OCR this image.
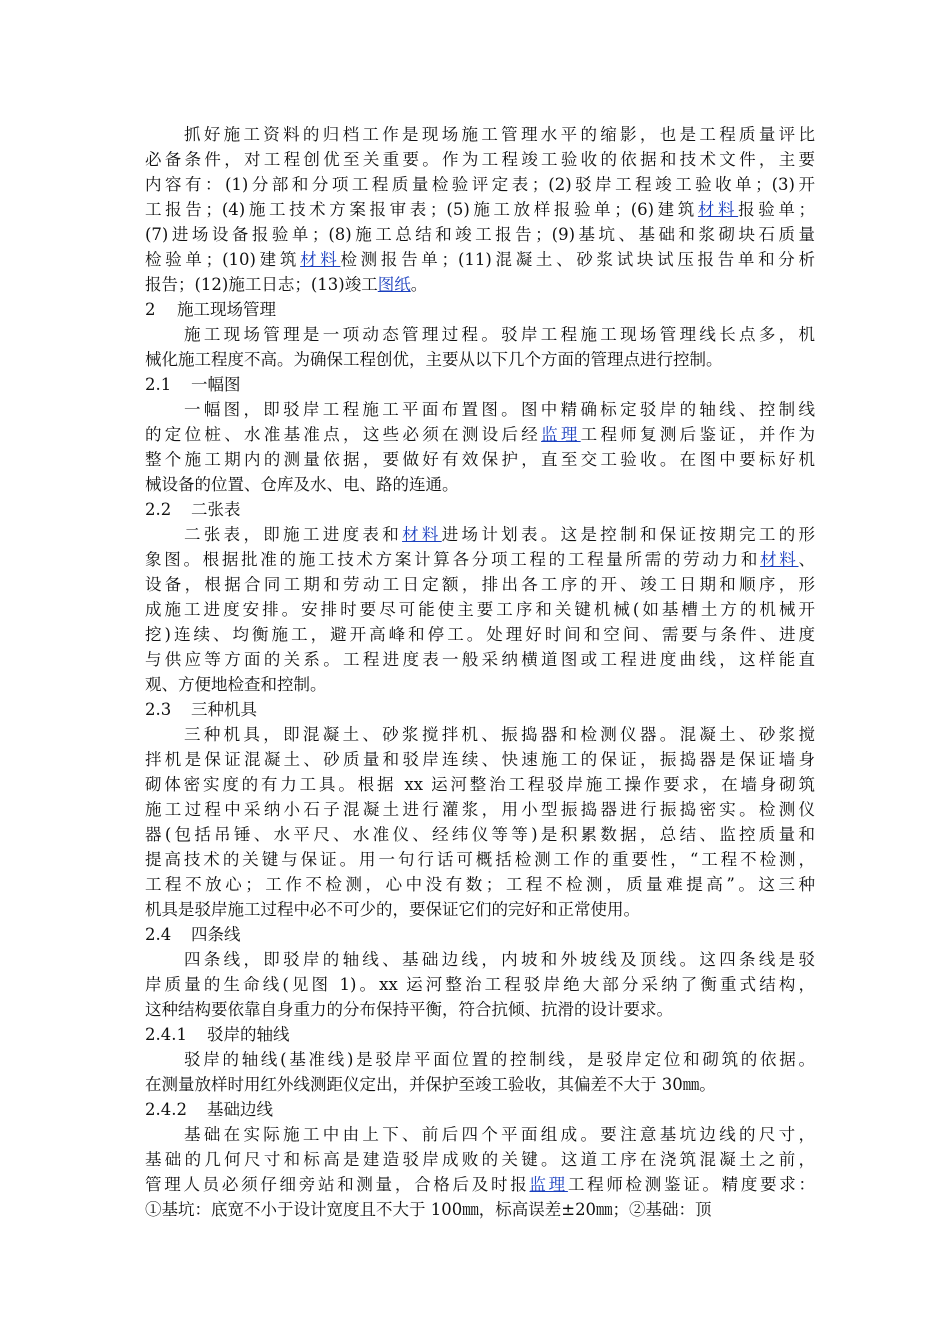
抓好施工资料的归档工作是现场施工管理水平的缩影，也是工程质量评比 必备条件，对工程创优至关重要。作为工程竣工验收的依据和技术文件，主要 内容有：(1)分部和分项工程质量检验评定表；(2)驳岸工程竣工验收单；(3)开 工报告；(4)施工技术方案报审表；(5)施工放样报验单；(6)建筑材料报验单； (7)进场设备报验单；(8)施工总结和竣工报告；(9)基坑、基础和浆砌块石质量 检验单；(10)建筑材料检测报告单；(11)混凝土、砂浆试块试压报告单和分析 报告；(12)施工日志；(13)竣工图纸。
2 施工现场管理
施工现场管理是一项动态管理过程。驳岸工程施工现场管理线长点多，机 械化施工程度不高。为确保工程创优，主要从以下几个方面的管理点进行控制。
2.1 一幅图
一幅图，即驳岸工程施工平面布置图。图中精确标定驳岸的轴线、控制线 的定位桩、水准基准点，这些必须在测设后经监理工程师复测后鉴证，并作为 整个施工期内的测量依据，要做好有效保护，直至交工验收。在图中要标好机 械设备的位置、仓库及水、电、路的连通。
2.2 二张表
二张表，即施工进度表和材料进场计划表。这是控制和保证按期完工的形 象图。根据批准的施工技术方案计算各分项工程的工程量所需的劳动力和材料、 设备，根据合同工期和劳动工日定额，排出各工序的开、竣工日期和顺序，形 成施工进度安排。安排时要尽可能使主要工序和关键机械(如基槽土方的机械开 挖)连续、均衡施工，避开高峰和停工。处理好时间和空间、需要与条件、进度 与供应等方面的关系。工程进度表一般采纳横道图或工程进度曲线，这样能直 观、方便地检查和控制。
2.3 三种机具
三种机具，即混凝土、砂浆搅拌机、振捣器和检测仪器。混凝土、砂浆搅 拌机是保证混凝土、砂质量和驳岸连续、快速施工的保证，振捣器是保证墙身 砌体密实度的有力工具。根据 xx 运河整治工程驳岸施工操作要求，在墙身砌筑 施工过程中采纳小石子混凝土进行灌浆，用小型振捣器进行振捣密实。检测仪 器(包括吊锤、水平尺、水准仪、经纬仪等等)是积累数据，总结、监控质量和 提高技术的关键与保证。用一句行话可概括检测工作的重要性，“工程不检测， 工程不放心；工作不检测，心中没有数；工程不检测，质量难提高”。这三种 机具是驳岸施工过程中必不可少的，要保证它们的完好和正常使用。
2.4 四条线
四条线，即驳岸的轴线、基础边线，内坡和外坡线及顶线。这四条线是驳 岸质量的生命线(见图 1)。xx 运河整治工程驳岸绝大部分采纳了衡重式结构， 这种结构要依靠自身重力的分布保持平衡，符合抗倾、抗滑的设计要求。
2.4.1 驳岸的轴线
驳岸的轴线(基准线)是驳岸平面位置的控制线，是驳岸定位和砌筑的依据。 在测量放样时用红外线测距仪定出，并保护至竣工验收，其偏差不大于 30㎜。
2.4.2 基础边线
基础在实际施工中由上下、前后四个平面组成。要注意基坑边线的尺寸， 基础的几何尺寸和标高是建造驳岸成败的关键。这道工序在浇筑混凝土之前， 管理人员必须仔细旁站和测量，合格后及时报监理工程师检测鉴证。精度要求： ①基坑：底宽不小于设计宽度且不大于 100㎜，标高误差±20㎜；②基础：顶
